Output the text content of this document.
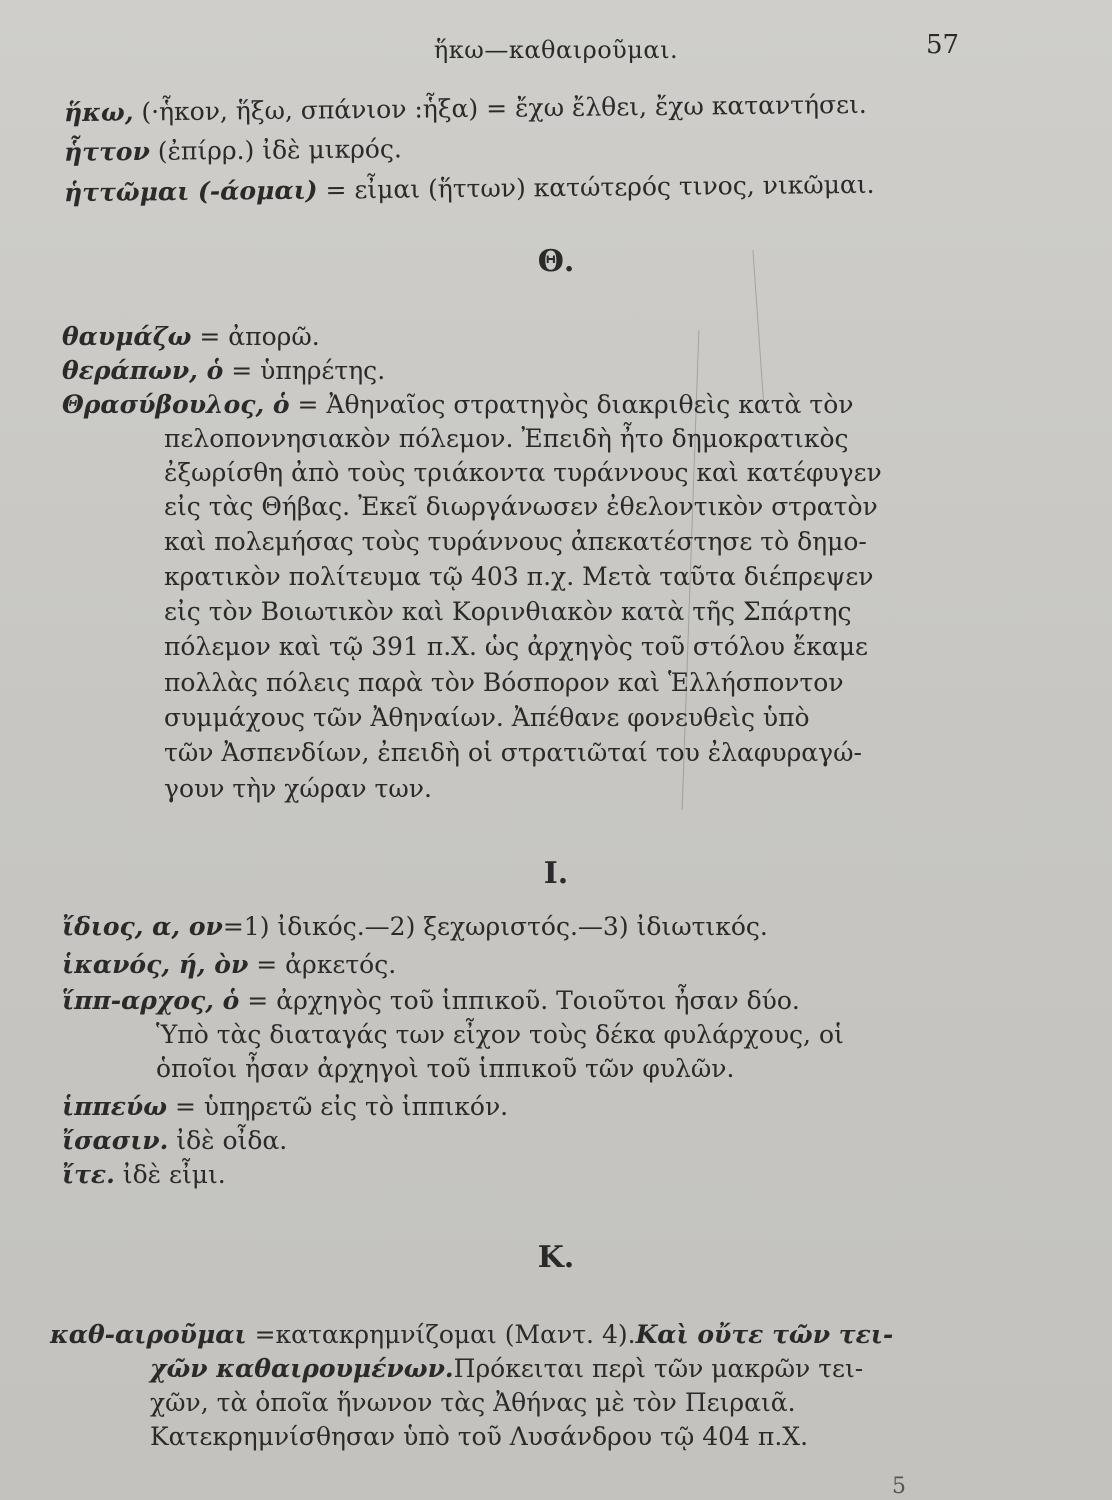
ἥκω—καθαιροῦμαι.	57
ἥκω, (·ἧκον, ἥξω, σπάνιον :ἧξα) = ἔχω ἔλθει, ἔχω καταντήσει.
ἧττον (ἐπίρρ.) ἰδὲ μικρός.
ἡττῶμαι (-άομαι) = εἶμαι (ἥττων) κατώτερός τινος, νικῶμαι.
Θ.
θαυμάζω = ἀπορῶ.
θεράπων, ὁ = ὑπηρέτης.
Θρασύβουλος, ὁ = Ἀθηναῖος στρατηγὸς διακριθεὶς κατὰ τὸν
πελοποννησιακὸν πόλεμον. Ἐπειδὴ ἦτο δημοκρατικὸς
ἐξωρίσθη ἀπὸ τοὺς τριάκοντα τυράννους καὶ κατέφυγεν
εἰς τὰς Θήβας. Ἐκεῖ διωργάνωσεν ἐθελοντικὸν στρατὸν
καὶ πολεμήσας τοὺς τυράννους ἀπεκατέστησε τὸ δημο-
κρατικὸν πολίτευμα τῷ 403 π.χ. Μετὰ ταῦτα διέπρεψεν
εἰς τὸν Βοιωτικὸν καὶ Κορινθιακὸν κατὰ τῆς Σπάρτης
πόλεμον καὶ τῷ 391 π.Χ. ὡς ἀρχηγὸς τοῦ στόλου ἔκαμε
πολλὰς πόλεις παρὰ τὸν Βόσπορον καὶ Ἑλλήσποντον
συμμάχους τῶν Ἀθηναίων. Ἀπέθανε φονευθεὶς ὑπὸ
τῶν Ἀσπενδίων, ἐπειδὴ οἱ στρατιῶταί του ἐλαφυραγώ-
γουν τὴν χώραν των.
Ι.
ἴδιος, α, ον=1) ἰδικός.—2) ξεχωριστός.—3) ἰδιωτικός.
ἱκανός, ή, ὸν = ἀρκετός.
ἵππ-αρχος, ὁ = ἀρχηγὸς τοῦ ἱππικοῦ. Τοιοῦτοι ἦσαν δύο.
Ὑπὸ τὰς διαταγάς των εἶχον τοὺς δέκα φυλάρχους, οἱ
ὁποῖοι ἦσαν ἀρχηγοὶ τοῦ ἱππικοῦ τῶν φυλῶν.
ἱππεύω = ὑπηρετῶ εἰς τὸ ἱππικόν.
ἴσασιν. ἰδὲ οἶδα.
ἴτε. ἰδὲ εἶμι.
Κ.
καθ-αιροῦμαι =κατακρημνίζομαι (Μαντ. 4).Καὶ οὔτε τῶν τει-
χῶν καθαιρουμένων.Πρόκειται περὶ τῶν μακρῶν τει-
χῶν, τὰ ὁποῖα ἥνωνον τὰς Ἀθήνας μὲ τὸν Πειραιᾶ.
Κατεκρημνίσθησαν ὑπὸ τοῦ Λυσάνδρου τῷ 404 π.Χ.
5
